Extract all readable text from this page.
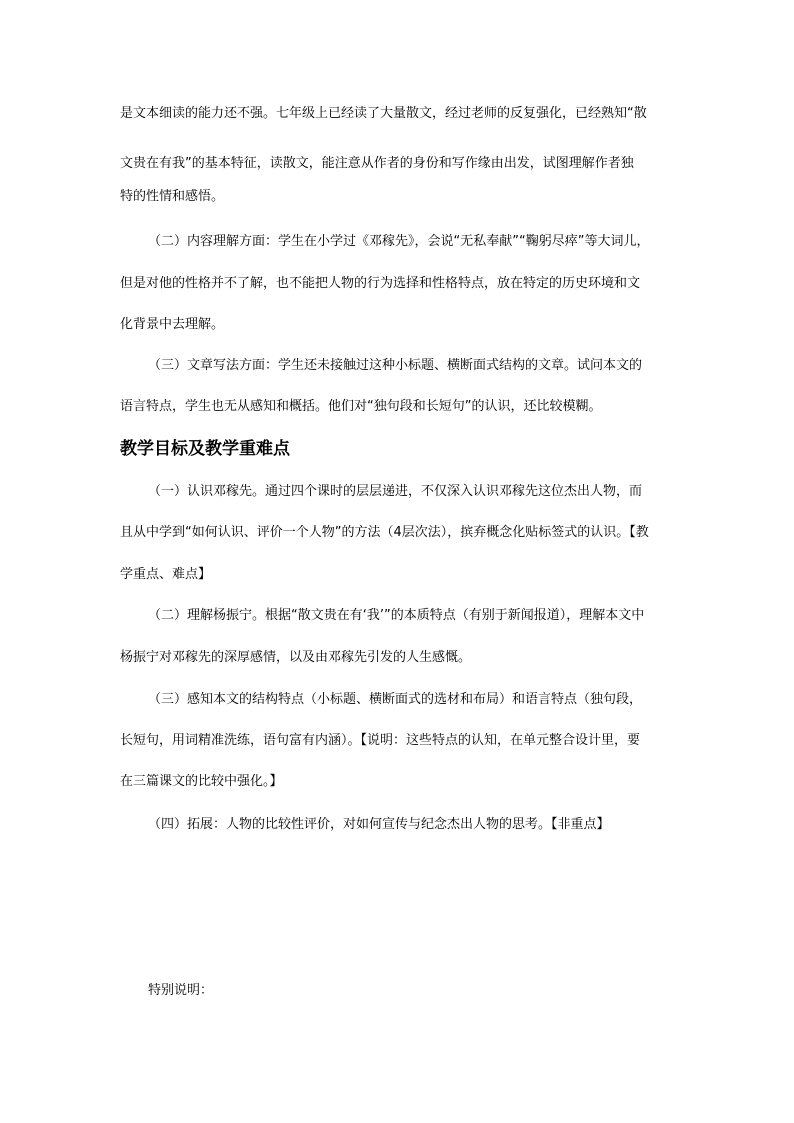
是文本细读的能力还不强。七年级上已经读了大量散文，经过老师的反复强化，已经熟知“散
文贵在有我”的基本特征，读散文，能注意从作者的身份和写作缘由出发，试图理解作者独
特的性情和感悟。
（二）内容理解方面：学生在小学过《邓稼先》，会说“无私奉献”“鞠躬尽瘁”等大词儿，
但是对他的性格并不了解，也不能把人物的行为选择和性格特点，放在特定的历史环境和文
化背景中去理解。
（三）文章写法方面：学生还未接触过这种小标题、横断面式结构的文章。试问本文的
语言特点，学生也无从感知和概括。他们对“独句段和长短句”的认识，还比较模糊。
教学目标及教学重难点
（一）认识邓稼先。通过四个课时的层层递进，不仅深入认识邓稼先这位杰出人物，而
且从中学到“如何认识、评价一个人物”的方法（4层次法），摈弃概念化贴标签式的认识。【教
学重点、难点】
（二）理解杨振宁。根据“散文贵在有‘我’”的本质特点（有别于新闻报道），理解本文中
杨振宁对邓稼先的深厚感情，以及由邓稼先引发的人生感慨。
（三）感知本文的结构特点（小标题、横断面式的选材和布局）和语言特点（独句段，
长短句，用词精准洗练，语句富有内涵）。【说明：这些特点的认知，在单元整合设计里，要
在三篇课文的比较中强化。】
（四）拓展：人物的比较性评价，对如何宣传与纪念杰出人物的思考。【非重点】
特别说明：
